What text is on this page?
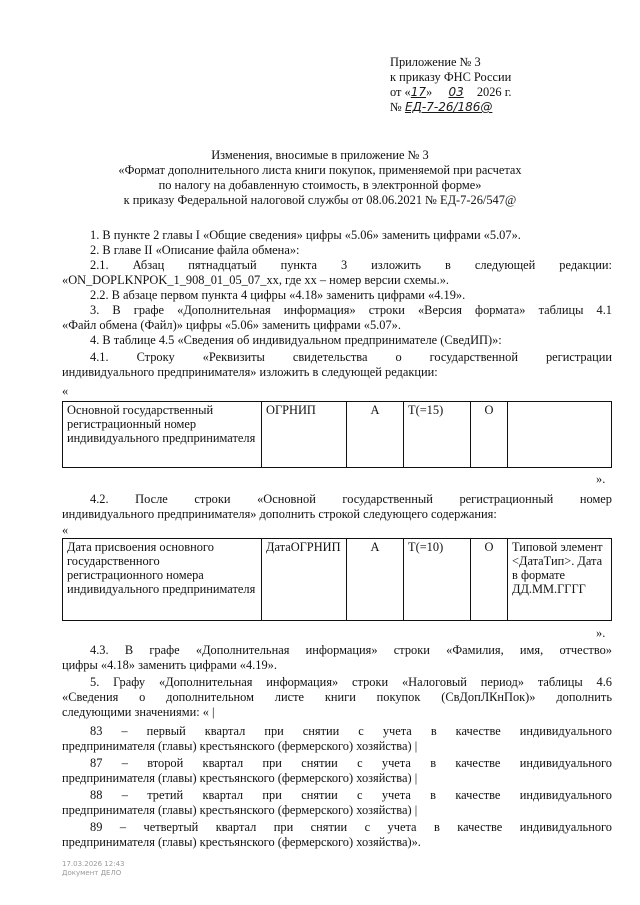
Приложение № 3
к приказу ФНС России
от «17» 03 2026 г.
№ ЕД-7-26/186@
Изменения, вносимые в приложение № 3
«Формат дополнительного листа книги покупок, применяемой при расчетах
по налогу на добавленную стоимость, в электронной форме»
к приказу Федеральной налоговой службы от 08.06.2021 № ЕД-7-26/547@
1. В пункте 2 главы I «Общие сведения» цифры «5.06» заменить цифрами «5.07».
2. В главе II «Описание файла обмена»:
2.1. Абзац пятнадцатый пункта 3 изложить в следующей редакции:
«ON_DOPLKNPOK_1_908_01_05_07_xx, где xx – номер версии схемы.».
2.2. В абзаце первом пункта 4 цифры «4.18» заменить цифрами «4.19».
3. В графе «Дополнительная информация» строки «Версия формата» таблицы 4.1
«Файл обмена (Файл)» цифры «5.06» заменить цифрами «5.07».
4. В таблице 4.5 «Сведения об индивидуальном предпринимателе (СведИП)»:
4.1. Строку «Реквизиты свидетельства о государственной регистрации
индивидуального предпринимателя» изложить в следующей редакции:
«
Основной государственный регистрационный номер индивидуального предпринимателя	ОГРНИП	А	T(=15)	О	
».
4.2. После строки «Основной государственный регистрационный номер
индивидуального предпринимателя» дополнить строкой следующего содержания:
«
Дата присвоения основного государственного регистрационного номера индивидуального предпринимателя	ДатаОГРНИП	А	T(=10)	О	Типовой элемент <ДатаТип>. Дата в формате ДД.ММ.ГГГГ
».
4.3. В графе «Дополнительная информация» строки «Фамилия, имя, отчество»
цифры «4.18» заменить цифрами «4.19».
5. Графу «Дополнительная информация» строки «Налоговый период» таблицы 4.6
«Сведения о дополнительном листе книги покупок (СвДопЛКнПок)» дополнить
следующими значениями: « |
83 – первый квартал при снятии с учета в качестве индивидуального
предпринимателя (главы) крестьянского (фермерского) хозяйства) |
87 – второй квартал при снятии с учета в качестве индивидуального
предпринимателя (главы) крестьянского (фермерского) хозяйства) |
88 – третий квартал при снятии с учета в качестве индивидуального
предпринимателя (главы) крестьянского (фермерского) хозяйства) |
89 – четвертый квартал при снятии с учета в качестве индивидуального
предпринимателя (главы) крестьянского (фермерского) хозяйства)».
17.03.2026 12:43
Документ ДЕЛО
